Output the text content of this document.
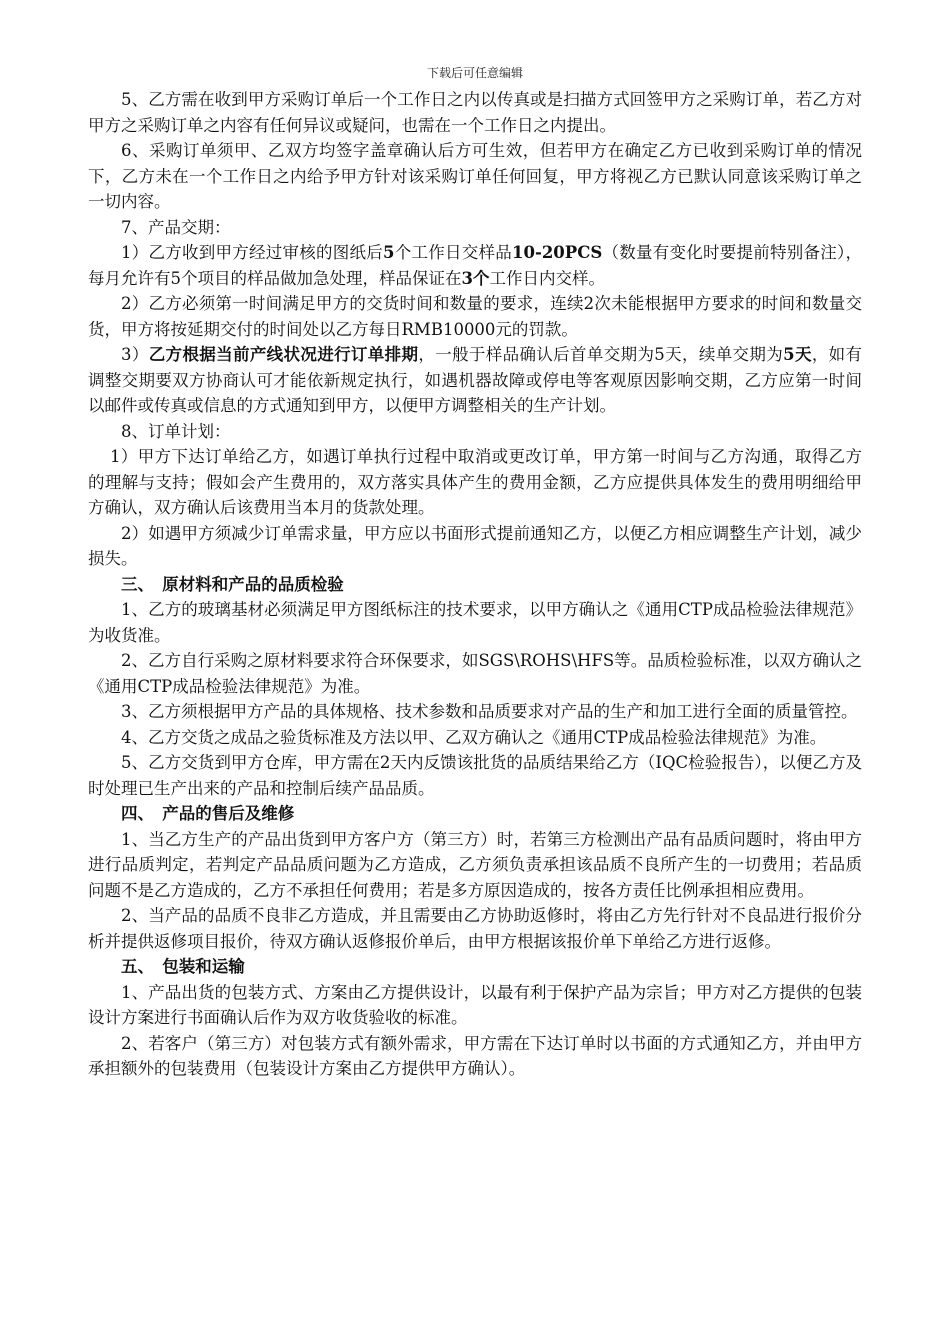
下载后可任意编辑

5、乙方需在收到甲方采购订单后一个工作日之内以传真或是扫描方式回签甲方之采购订单，若乙方对甲方之采购订单之内容有任何异议或疑问，也需在一个工作日之内提出。

6、采购订单须甲、乙双方均签字盖章确认后方可生效，但若甲方在确定乙方已收到采购订单的情况下，乙方未在一个工作日之内给予甲方针对该采购订单任何回复，甲方将视乙方已默认同意该采购订单之一切内容。

7、产品交期：

1）乙方收到甲方经过审核的图纸后5个工作日交样品10-20PCS（数量有变化时要提前特别备注），每月允许有5个项目的样品做加急处理，样品保证在3个工作日内交样。

2）乙方必须第一时间满足甲方的交货时间和数量的要求，连续2次未能根据甲方要求的时间和数量交货，甲方将按延期交付的时间处以乙方每日RMB10000元的罚款。

3）乙方根据当前产线状况进行订单排期，一般于样品确认后首单交期为5天，续单交期为5天，如有调整交期要双方协商认可才能依新规定执行，如遇机器故障或停电等客观原因影响交期，乙方应第一时间以邮件或传真或信息的方式通知到甲方，以便甲方调整相关的生产计划。

8、订单计划：

1）甲方下达订单给乙方，如遇订单执行过程中取消或更改订单，甲方第一时间与乙方沟通，取得乙方的理解与支持；假如会产生费用的，双方落实具体产生的费用金额，乙方应提供具体发生的费用明细给甲方确认，双方确认后该费用当本月的货款处理。

2）如遇甲方须减少订单需求量，甲方应以书面形式提前通知乙方，以便乙方相应调整生产计划，减少损失。

三、　原材料和产品的品质检验

1、乙方的玻璃基材必须满足甲方图纸标注的技术要求，以甲方确认之《通用CTP成品检验法律规范》为收货准。

2、乙方自行采购之原材料要求符合环保要求，如SGS\ROHS\HFS等。品质检验标准，以双方确认之《通用CTP成品检验法律规范》为准。

3、乙方须根据甲方产品的具体规格、技术参数和品质要求对产品的生产和加工进行全面的质量管控。

4、乙方交货之成品之验货标准及方法以甲、乙双方确认之《通用CTP成品检验法律规范》为准。

5、乙方交货到甲方仓库，甲方需在2天内反馈该批货的品质结果给乙方（IQC检验报告），以便乙方及时处理已生产出来的产品和控制后续产品品质。

四、　产品的售后及维修

1、当乙方生产的产品出货到甲方客户方（第三方）时，若第三方检测出产品有品质问题时，将由甲方进行品质判定，若判定产品品质问题为乙方造成，乙方须负责承担该品质不良所产生的一切费用；若品质问题不是乙方造成的，乙方不承担任何费用；若是多方原因造成的，按各方责任比例承担相应费用。

2、当产品的品质不良非乙方造成，并且需要由乙方协助返修时，将由乙方先行针对不良品进行报价分析并提供返修项目报价，待双方确认返修报价单后，由甲方根据该报价单下单给乙方进行返修。

五、　包装和运输

1、产品出货的包装方式、方案由乙方提供设计，以最有利于保护产品为宗旨；甲方对乙方提供的包装设计方案进行书面确认后作为双方收货验收的标准。

2、若客户（第三方）对包装方式有额外需求，甲方需在下达订单时以书面的方式通知乙方，并由甲方承担额外的包装费用（包装设计方案由乙方提供甲方确认）。
